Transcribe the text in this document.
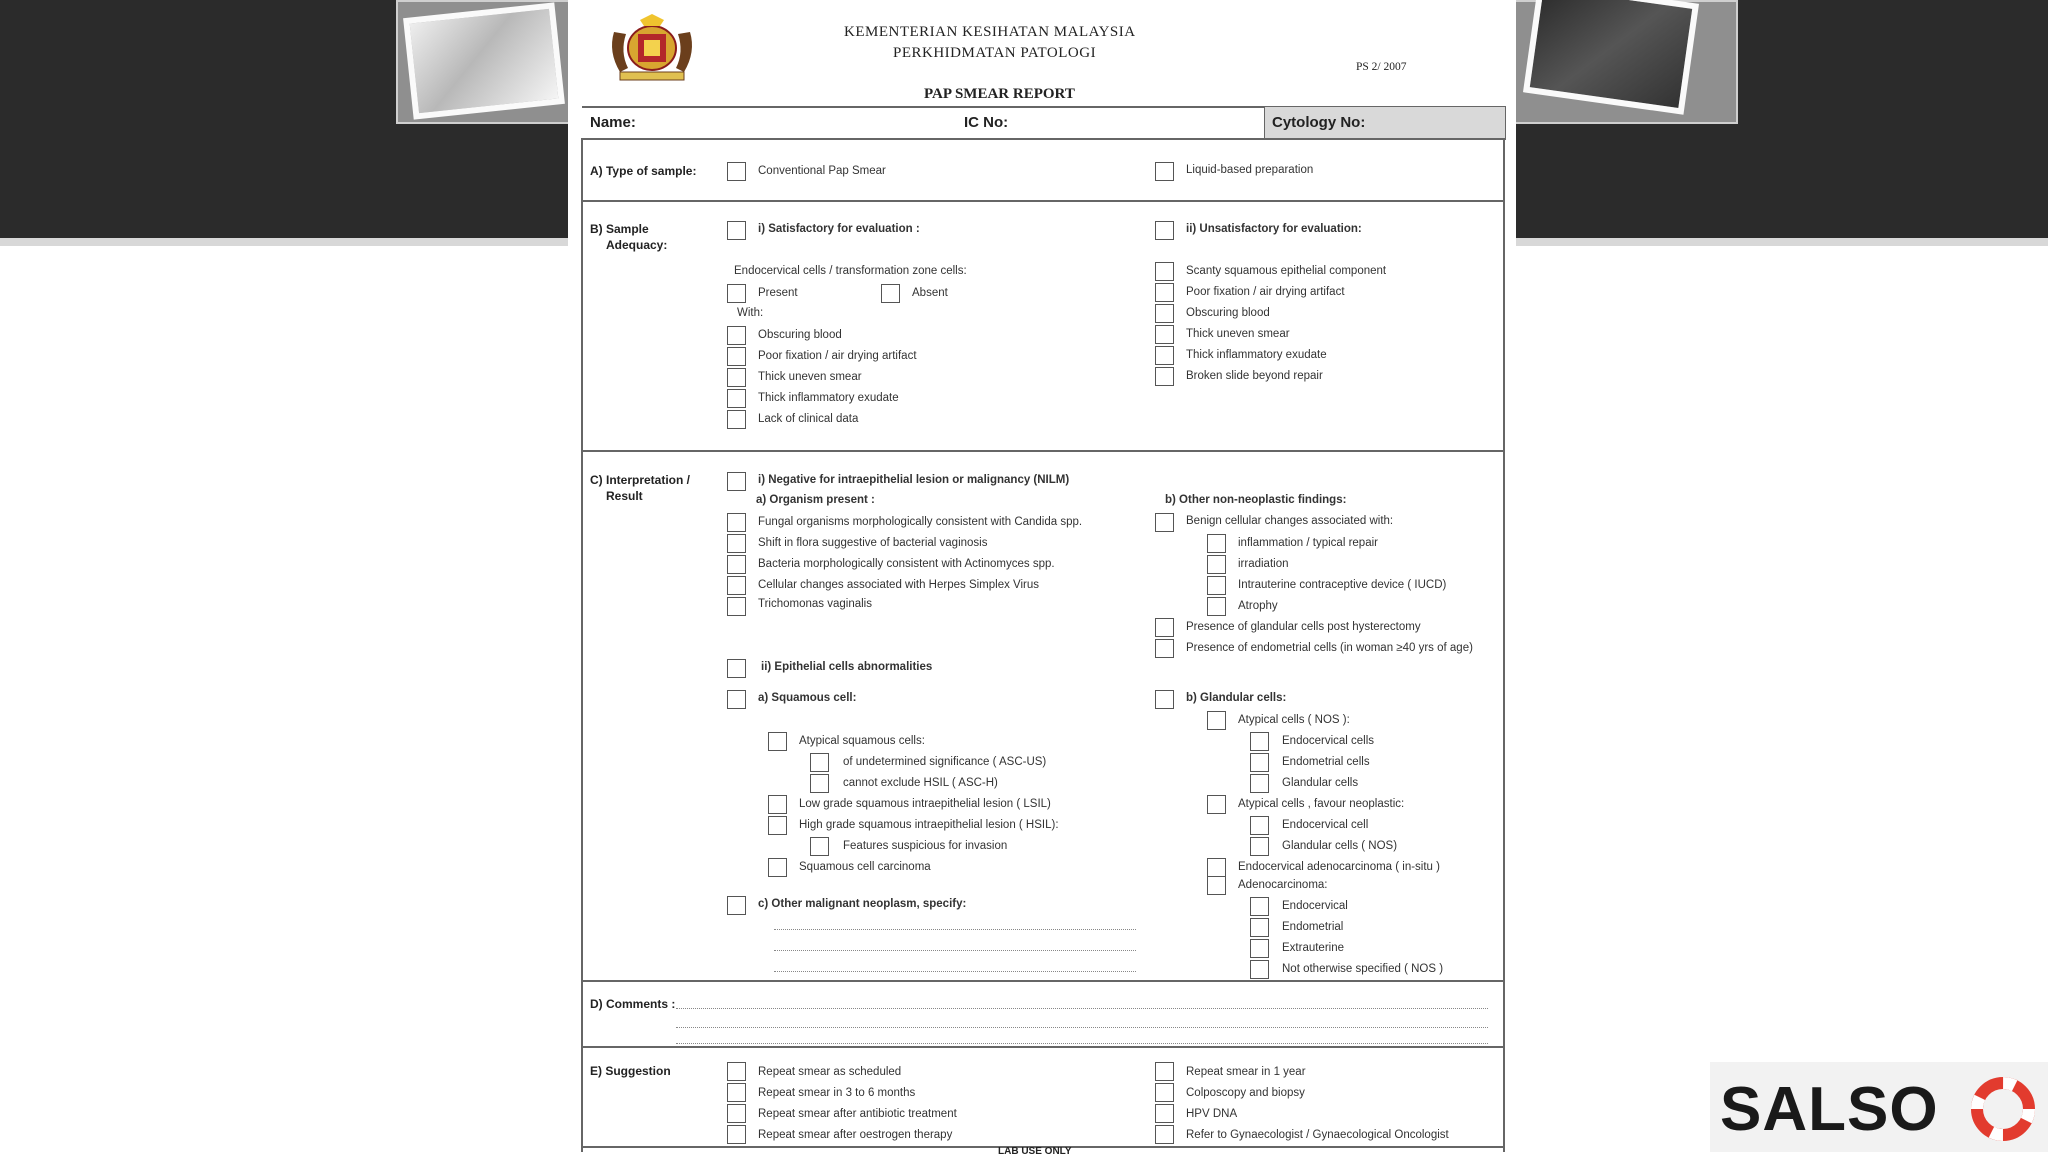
KEMENTERIAN KESIHATAN MALAYSIA
PERKHIDMATAN PATOLOGI
PS 2/ 2007
PAP SMEAR REPORT
Name:	IC No:	Cytology No:
A) Type of sample:	Conventional Pap Smear	Liquid-based preparation
B) Sample
Adequacy:
i) Satisfactory for evaluation :	ii) Unsatisfactory for evaluation:
Endocervical cells / transformation zone cells:
Present	Absent
With:
Obscuring blood
Poor fixation / air drying artifact
Thick uneven smear
Thick inflammatory exudate
Lack of clinical data
Scanty squamous epithelial component
Poor fixation / air drying artifact
Obscuring blood
Thick uneven smear
Thick inflammatory exudate
Broken slide beyond repair
C) Interpretation /
Result
i) Negative for intraepithelial lesion or malignancy (NILM)
a) Organism present :
Fungal organisms morphologically consistent with Candida spp.
Shift in flora suggestive of bacterial vaginosis
Bacteria morphologically consistent with Actinomyces spp.
Cellular changes associated with Herpes Simplex Virus
Trichomonas vaginalis
b) Other non-neoplastic findings:
Benign cellular changes associated with:
inflammation / typical repair
irradiation
Intrauterine contraceptive device ( IUCD)
Atrophy
Presence of glandular cells post hysterectomy
Presence of endometrial cells (in woman ≥40 yrs of age)
ii) Epithelial cells abnormalities
a) Squamous cell:
Atypical squamous cells:
of undetermined significance ( ASC-US)
cannot exclude HSIL ( ASC-H)
Low grade squamous intraepithelial lesion ( LSIL)
High grade squamous intraepithelial lesion ( HSIL):
Features suspicious for invasion
Squamous cell carcinoma
c) Other malignant neoplasm, specify:
b) Glandular cells:
Atypical cells ( NOS ):
Endocervical cells
Endometrial cells
Glandular cells
Atypical cells , favour neoplastic:
Endocervical cell
Glandular cells ( NOS)
Endocervical adenocarcinoma ( in-situ )
Adenocarcinoma:
Endocervical
Endometrial
Extrauterine
Not otherwise specified ( NOS )
D) Comments :
E) Suggestion	Repeat smear as scheduled
Repeat smear in 3 to 6 months
Repeat smear after antibiotic treatment
Repeat smear after oestrogen therapy
Repeat smear in 1 year
Colposcopy and biopsy
HPV DNA
Refer to Gynaecologist / Gynaecological Oncologist
LAB USE ONLY
SALSO
